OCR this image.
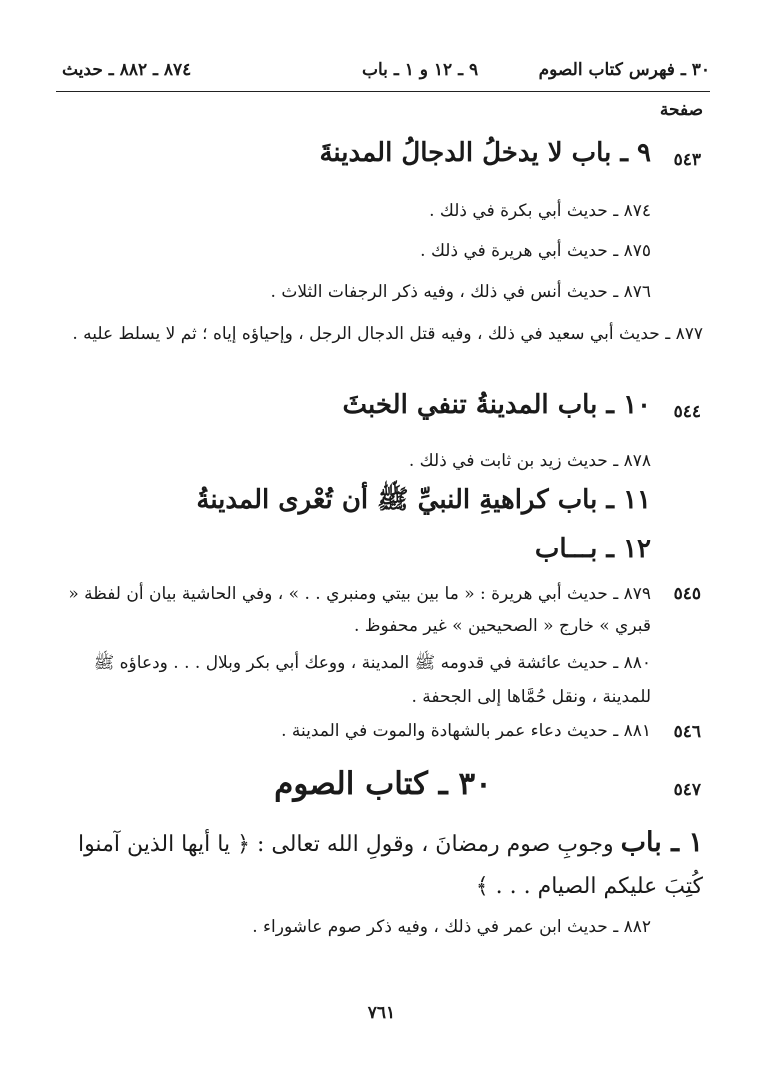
٣٠ ـ فهرس كتاب الصوم
٩ ـ ١٢ و ١ ـ باب
٨٧٤ ـ ٨٨٢ ـ حديث
صفحة
٥٤٣
٩ ـ باب لا يدخلُ الدجالُ المدينةَ
٨٧٤ ـ حديث أبي بكرة في ذلك .
٨٧٥ ـ حديث أبي هريرة في ذلك .
٨٧٦ ـ حديث أنس في ذلك ، وفيه ذكر الرجفات الثلاث .
٨٧٧ ـ حديث أبي سعيد في ذلك ، وفيه قتل الدجال الرجل ، وإحياؤه إياه ؛ ثم لا يسلط عليه .
٥٤٤
١٠ ـ باب المدينةُ تنفي الخبثَ
٨٧٨ ـ حديث زيد بن ثابت في ذلك .
١١ ـ باب كراهيةِ النبيِّ ﷺ أن تُعْرى المدينةُ
١٢ ـ بـــاب
٥٤٥
٨٧٩ ـ حديث أبي هريرة : « ما بين بيتي ومنبري . . » ، وفي الحاشية بيان أن لفظة « قبري » خارج « الصحيحين » غير محفوظ .
٨٨٠ ـ حديث عائشة في قدومه ﷺ المدينة ، ووعك أبي بكر وبلال . . . ودعاؤه ﷺ للمدينة ، ونقل حُمَّاها إلى الجحفة .
٥٤٦
٨٨١ ـ حديث دعاء عمر بالشهادة والموت في المدينة .
٥٤٧
٣٠ ـ كتاب الصوم
١ ـ باب وجوبِ صوم رمضانَ ، وقولِ الله تعالى : ﴿ يا أيها الذين آمنوا كُتِبَ عليكم الصيام . . . ﴾
٨٨٢ ـ حديث ابن عمر في ذلك ، وفيه ذكر صوم عاشوراء .
٧٦١
